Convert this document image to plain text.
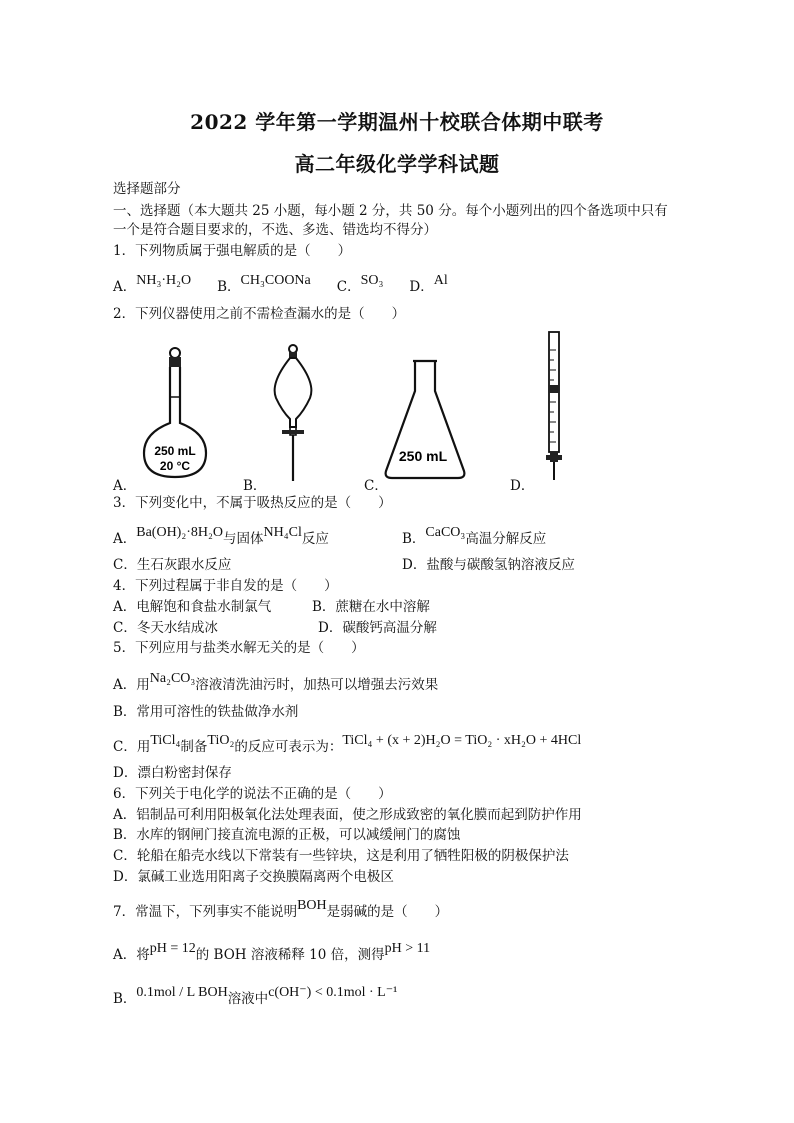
2022 学年第一学期温州十校联合体期中联考
高二年级化学学科试题
选择题部分
一、选择题（本大题共 25 小题，每小题 2 分，共 50 分。每个小题列出的四个备选项中只有
一个是符合题目要求的，不选、多选、错选均不得分）
1．下列物质属于强电解质的是（　　）
A．NH₃·H₂O B．CH₃COONa C．SO₃ D．Al
2．下列仪器使用之前不需检查漏水的是（　　）
250 mL
20 °C
A．	B．
250 mL
C．	D．
3．下列变化中，不属于吸热反应的是（　　）
A．Ba(OH)₂·8H₂O与固体NH₄Cl反应	B．CaCO₃高温分解反应
C．生石灰跟水反应	D．盐酸与碳酸氢钠溶液反应
4．下列过程属于非自发的是（　　）
A．电解饱和食盐水制氯气	B．蔗糖在水中溶解
C．冬天水结成冰	D．碳酸钙高温分解
5．下列应用与盐类水解无关的是（　　）
A．用Na₂CO₃溶液清洗油污时，加热可以增强去污效果
B．常用可溶性的铁盐做净水剂
C．用TiCl₄制备TiO₂的反应可表示为：TiCl₄ + (x + 2)H₂O = TiO₂ · xH₂O + 4HCl
D．漂白粉密封保存
6．下列关于电化学的说法不正确的是（　　）
A．铝制品可利用阳极氧化法处理表面，使之形成致密的氧化膜而起到防护作用
B．水库的钢闸门接直流电源的正极，可以减缓闸门的腐蚀
C．轮船在船壳水线以下常装有一些锌块，这是利用了牺牲阳极的阴极保护法
D．氯碱工业选用阳离子交换膜隔离两个电极区
7．常温下，下列事实不能说明BOH是弱碱的是（　　）
A．将pH = 12的 BOH 溶液稀释 10 倍，测得pH > 11
B．0.1mol / L BOH溶液中c(OH⁻) < 0.1mol · L⁻¹
